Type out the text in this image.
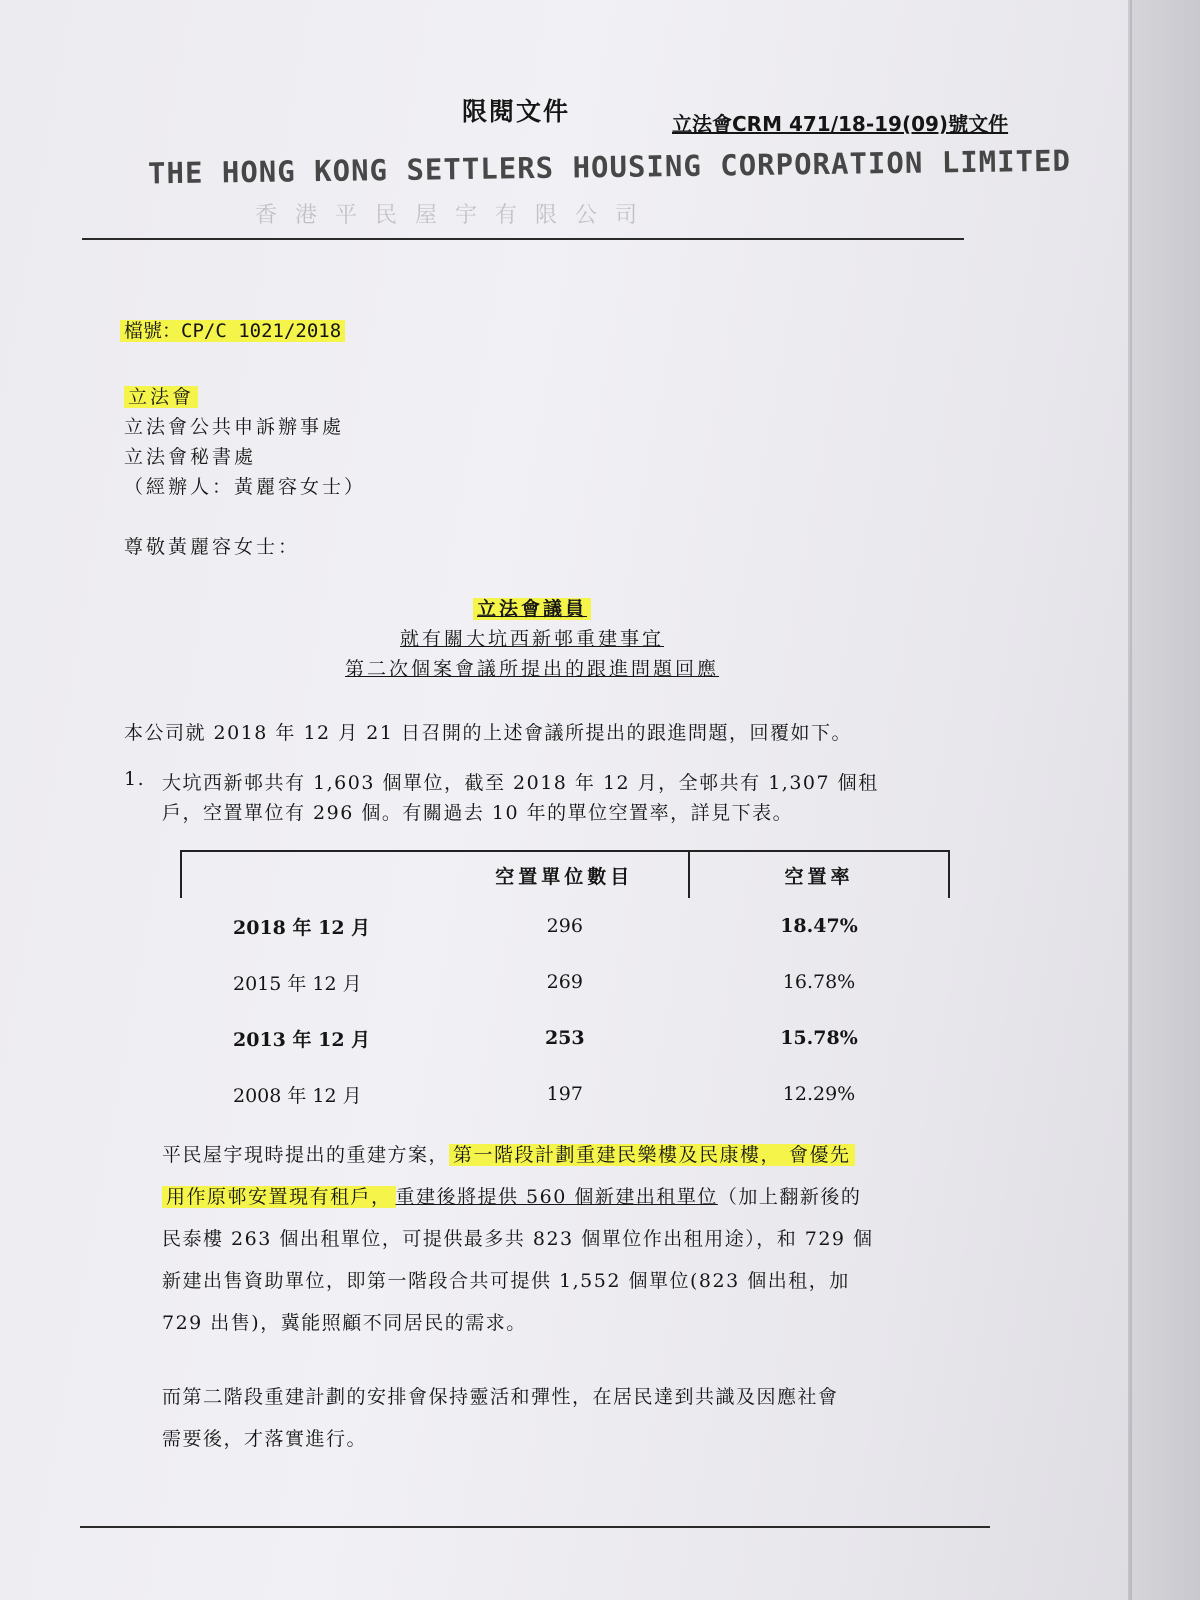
限閱文件	立法會CRM 471/18-19(09)號文件
THE HONG KONG SETTLERS HOUSING CORPORATION LIMITED
香港平民屋宇有限公司
檔號：CP/C 1021/2018
立法會
立法會公共申訴辦事處
立法會秘書處
（經辦人：黃麗容女士）
尊敬黃麗容女士：
立法會議員
就有關大坑西新邨重建事宜
第二次個案會議所提出的跟進問題回應
本公司就 2018 年 12 月 21 日召開的上述會議所提出的跟進問題，回覆如下。
1. 大坑西新邨共有 1,603 個單位，截至 2018 年 12 月，全邨共有 1,307 個租
戶，空置單位有 296 個。有關過去 10 年的單位空置率，詳見下表。
	空置單位數目	空置率
2018 年 12 月	296	18.47%
2015 年 12 月	269	16.78%
2013 年 12 月	253	15.78%
2008 年 12 月	197	12.29%
平民屋宇現時提出的重建方案， 第一階段計劃重建民樂樓及民康樓， 會優先
用作原邨安置現有租戶， 重建後將提供 560 個新建出租單位（加上翻新後的
民泰樓 263 個出租單位，可提供最多共 823 個單位作出租用途），和 729 個
新建出售資助單位，即第一階段合共可提供 1,552 個單位(823 個出租，加
729 出售)，冀能照顧不同居民的需求。
而第二階段重建計劃的安排會保持靈活和彈性，在居民達到共識及因應社會
需要後，才落實進行。
